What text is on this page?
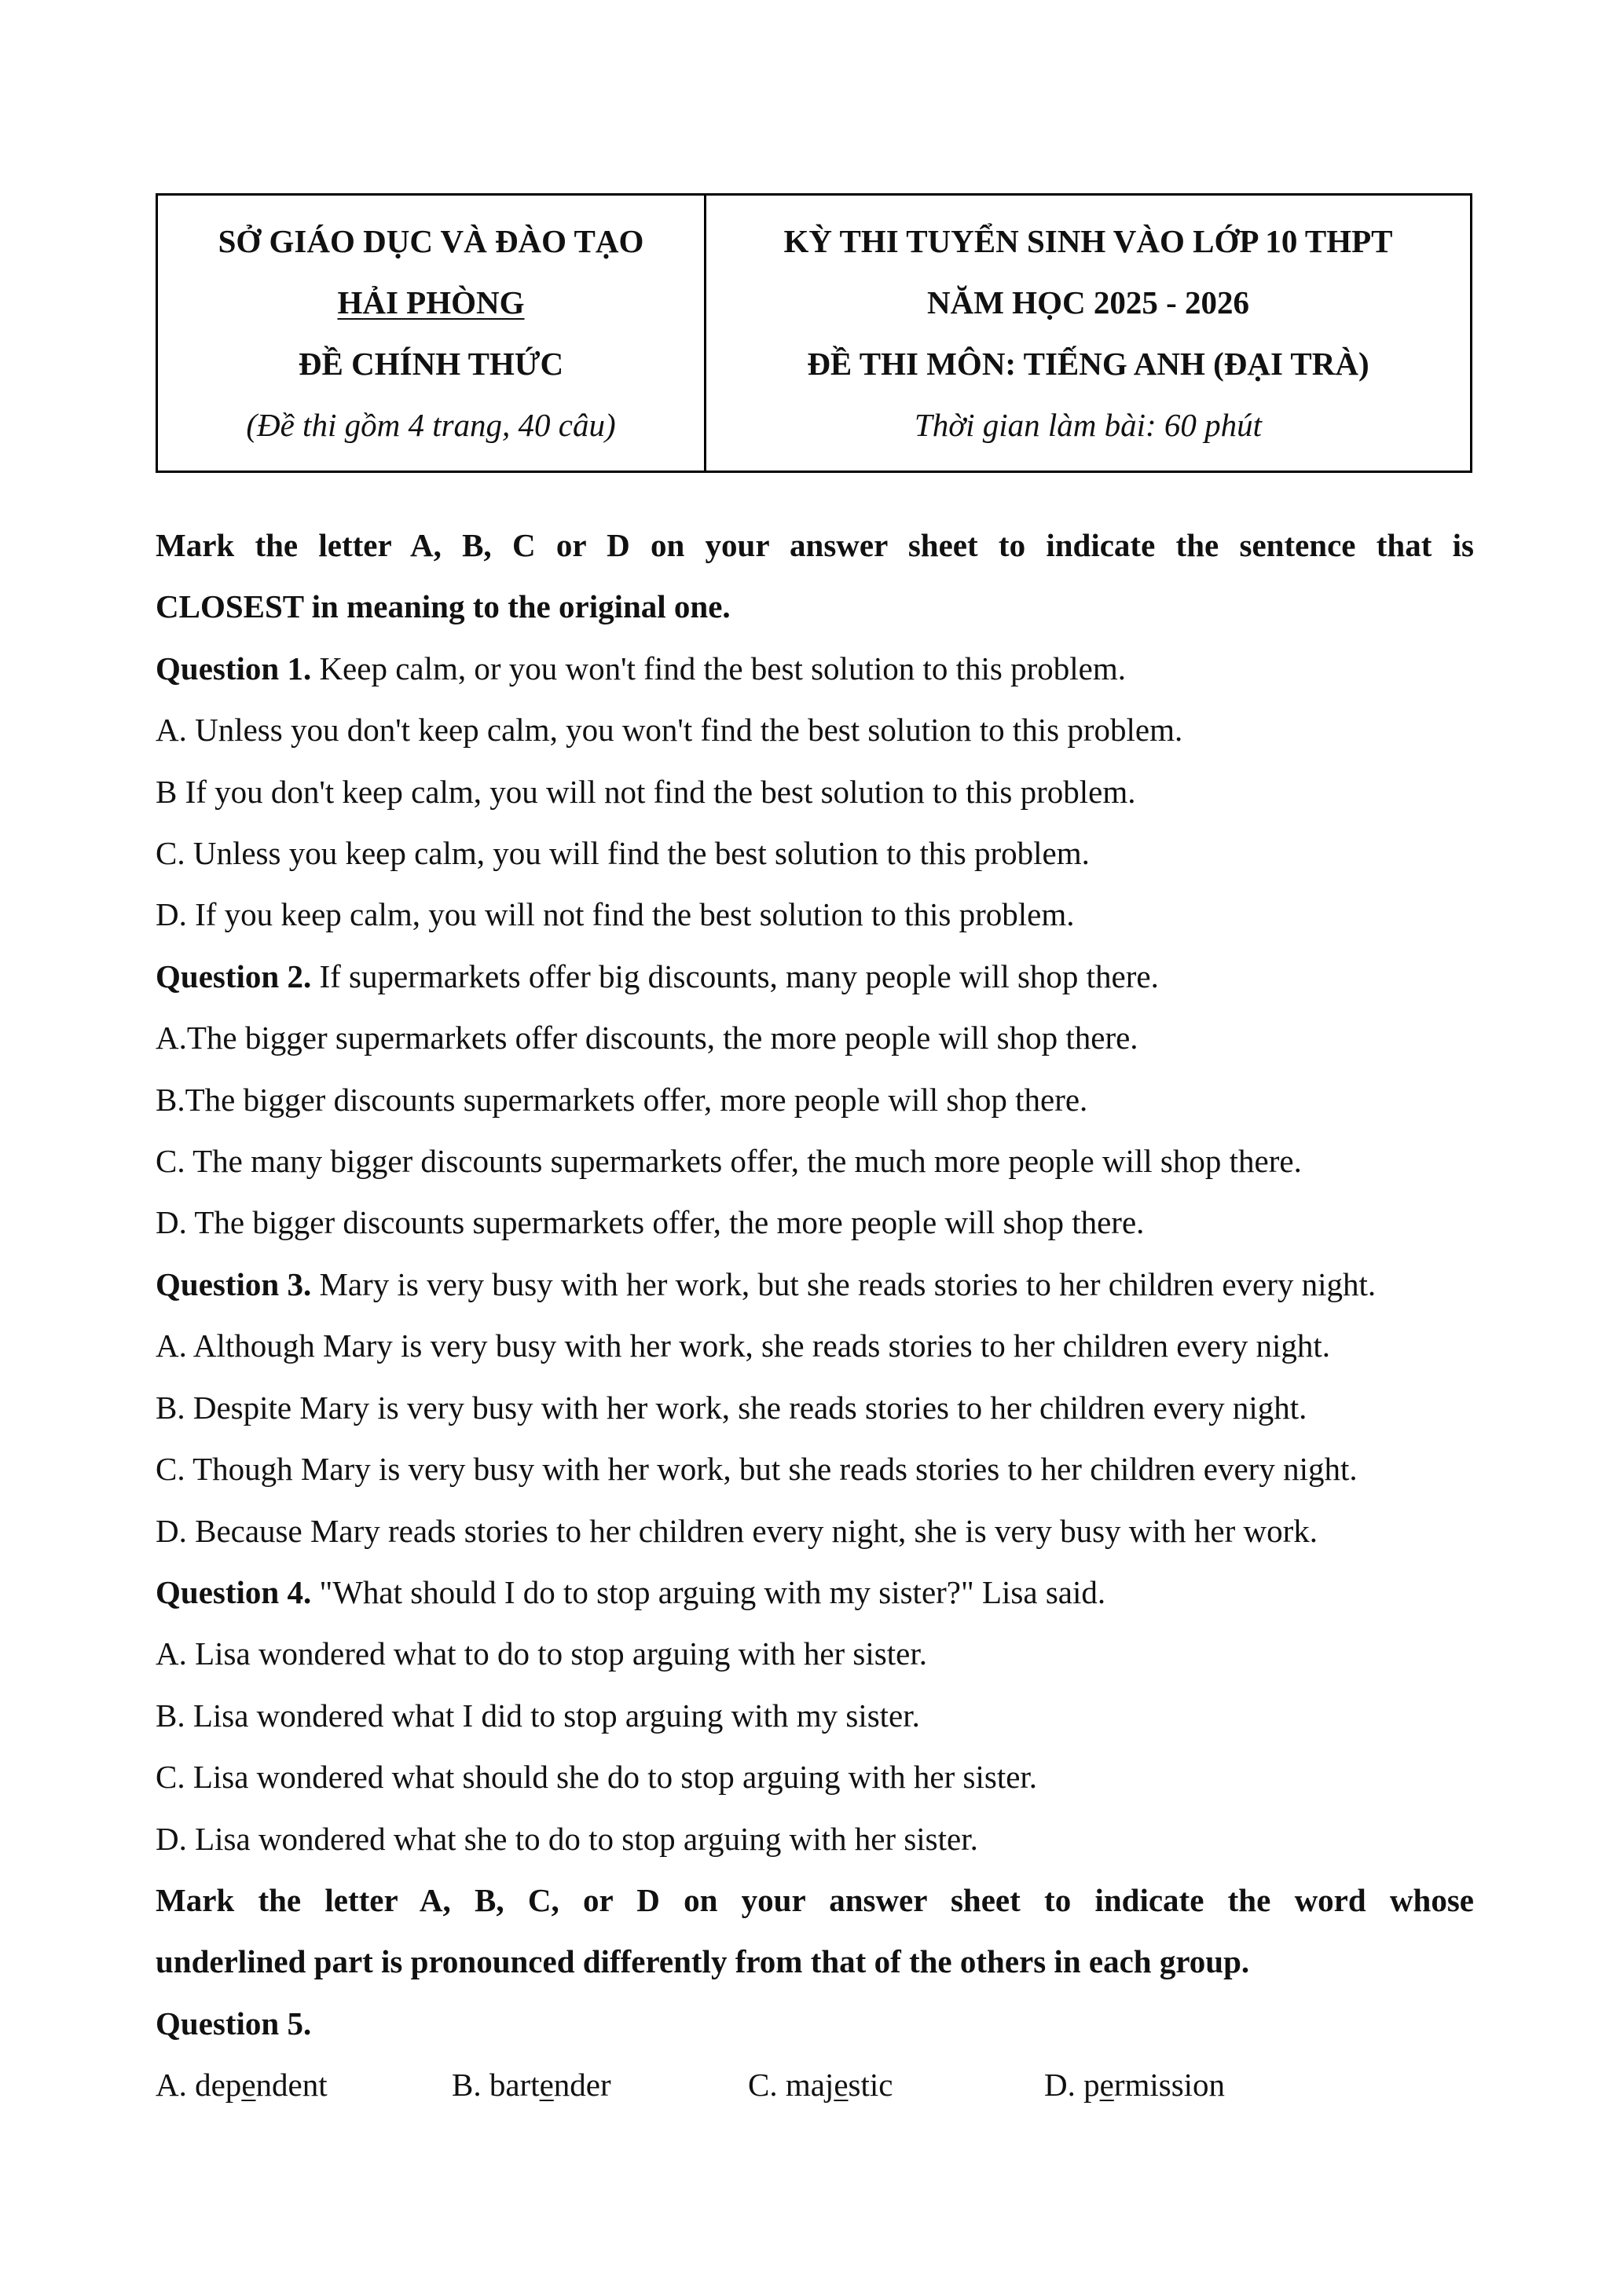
SỞ GIÁO DỤC VÀ ĐÀO TẠO
HẢI PHÒNG
ĐỀ CHÍNH THỨC
(Đề thi gồm 4 trang, 40 câu)
KỲ THI TUYỂN SINH VÀO LỚP 10 THPT
NĂM HỌC 2025 - 2026
ĐỀ THI MÔN: TIẾNG ANH (ĐẠI TRÀ)
Thời gian làm bài: 60 phút
Mark the letter A, B, C or D on your answer sheet to indicate the sentence that is
CLOSEST in meaning to the original one.
Question 1. Keep calm, or you won't find the best solution to this problem.
A. Unless you don't keep calm, you won't find the best solution to this problem.
B If you don't keep calm, you will not find the best solution to this problem.
C. Unless you keep calm, you will find the best solution to this problem.
D. If you keep calm, you will not find the best solution to this problem.
Question 2. If supermarkets offer big discounts, many people will shop there.
A.The bigger supermarkets offer discounts, the more people will shop there.
B.The bigger discounts supermarkets offer, more people will shop there.
C. The many bigger discounts supermarkets offer, the much more people will shop there.
D. The bigger discounts supermarkets offer, the more people will shop there.
Question 3. Mary is very busy with her work, but she reads stories to her children every night.
A. Although Mary is very busy with her work, she reads stories to her children every night.
B. Despite Mary is very busy with her work, she reads stories to her children every night.
C. Though Mary is very busy with her work, but she reads stories to her children every night.
D. Because Mary reads stories to her children every night, she is very busy with her work.
Question 4. "What should I do to stop arguing with my sister?" Lisa said.
A. Lisa wondered what to do to stop arguing with her sister.
B. Lisa wondered what I did to stop arguing with my sister.
C. Lisa wondered what should she do to stop arguing with her sister.
D. Lisa wondered what she to do to stop arguing with her sister.
Mark the letter A, B, C, or D on your answer sheet to indicate the word whose
underlined part is pronounced differently from that of the others in each group.
Question 5.
A. dependent	B. bartender	C. majestic	D. permission
